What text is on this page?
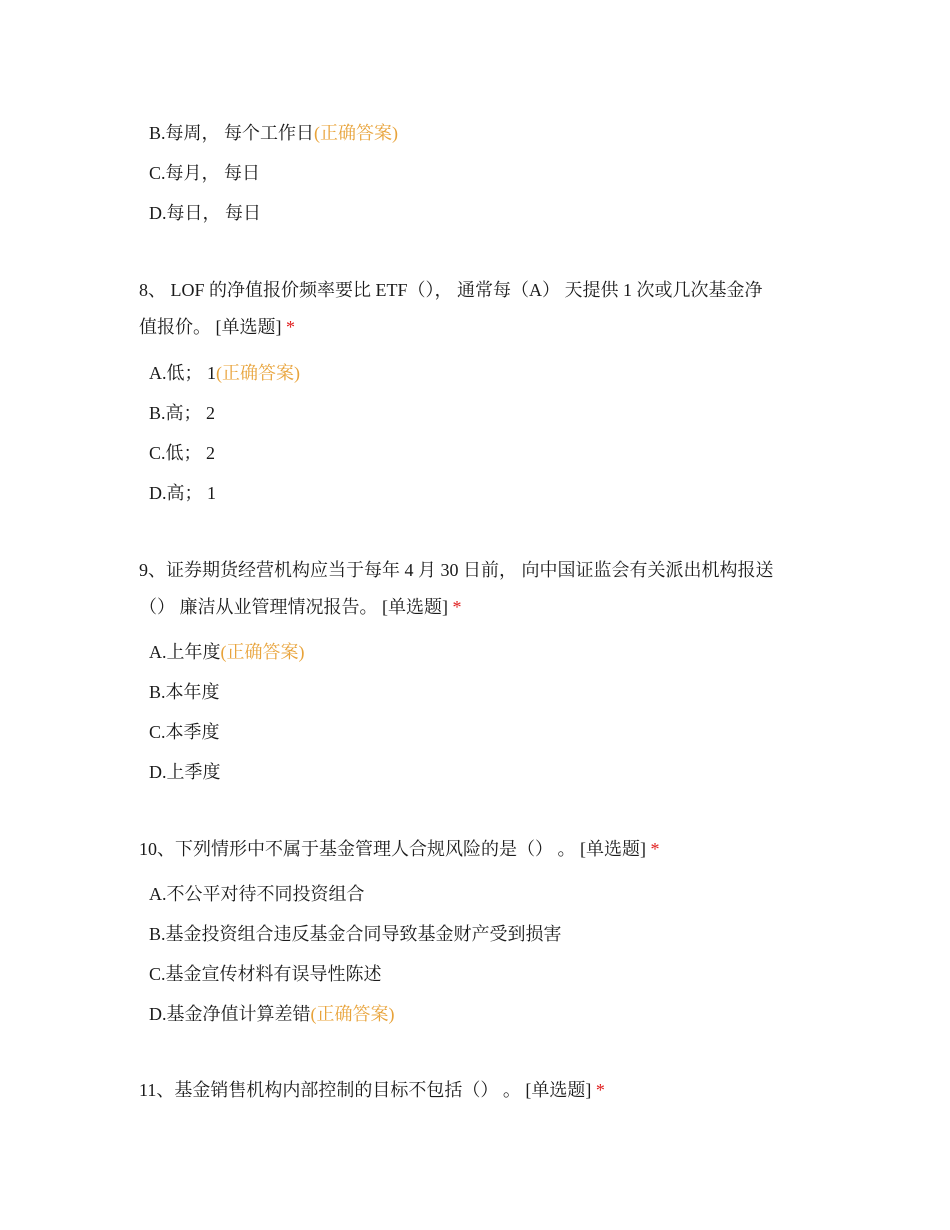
B.每周， 每个工作日(正确答案)
C.每月， 每日
D.每日， 每日
8、 LOF 的净值报价频率要比 ETF（）， 通常每（A） 天提供 1 次或几次基金净
值报价。 [单选题] *
A.低； 1(正确答案)
B.高； 2
C.低； 2
D.高； 1
9、证券期货经营机构应当于每年 4 月 30 日前， 向中国证监会有关派出机构报送
（） 廉洁从业管理情况报告。 [单选题] *
A.上年度(正确答案)
B.本年度
C.本季度
D.上季度
10、下列情形中不属于基金管理人合规风险的是（） 。 [单选题] *
A.不公平对待不同投资组合
B.基金投资组合违反基金合同导致基金财产受到损害
C.基金宣传材料有误导性陈述
D.基金净值计算差错(正确答案)
11、基金销售机构内部控制的目标不包括（） 。 [单选题] *
